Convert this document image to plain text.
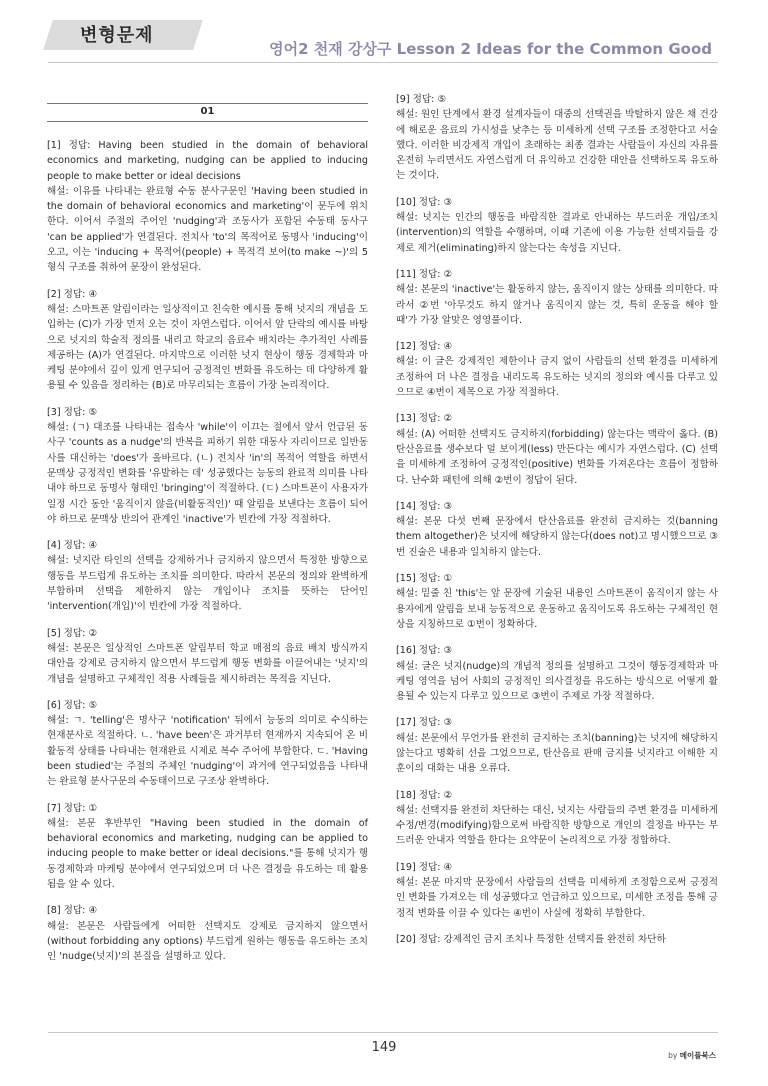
변형문제
영어2 천재 강상구 Lesson 2 Ideas for the Common Good
01

[1] 정답: Having been studied in the domain of behavioral economics and marketing, nudging can be applied to inducing people to make better or ideal decisions

해설: 이유를 나타내는 완료형 수동 분사구문인 'Having been studied in the domain of behavioral economics and marketing'이 문두에 위치한다. 이어서 주절의 주어인 'nudging'과 조동사가 포함된 수동태 동사구 'can be applied'가 연결된다. 전치사 'to'의 목적어로 동명사 'inducing'이 오고, 이는 'inducing + 목적어(people) + 목적격 보어(to make ~)'의 5형식 구조를 취하여 문장이 완성된다.

[2] 정답: ④

해설: 스마트폰 알림이라는 일상적이고 친숙한 예시를 통해 넛지의 개념을 도입하는 (C)가 가장 먼저 오는 것이 자연스럽다. 이어서 앞 단락의 예시를 바탕으로 넛지의 학술적 정의를 내리고 학교의 음료수 배치라는 추가적인 사례를 제공하는 (A)가 연결된다. 마지막으로 이러한 넛지 현상이 행동 경제학과 마케팅 분야에서 깊이 있게 연구되어 긍정적인 변화를 유도하는 데 다양하게 활용될 수 있음을 정리하는 (B)로 마무리되는 흐름이 가장 논리적이다.

[3] 정답: ⑤

해설: (ㄱ) 대조를 나타내는 접속사 'while'이 이끄는 절에서 앞서 언급된 동사구 'counts as a nudge'의 반복을 피하기 위한 대동사 자리이므로 일반동사를 대신하는 'does'가 올바르다. (ㄴ) 전치사 'in'의 목적어 역할을 하면서 문맥상 긍정적인 변화를 '유발하는 데' 성공했다는 능동의 완료적 의미를 나타내야 하므로 동명사 형태인 'bringing'이 적절하다. (ㄷ) 스마트폰이 사용자가 일정 시간 동안 '움직이지 않을(비활동적인)' 때 알림을 보낸다는 흐름이 되어야 하므로 문맥상 반의어 관계인 'inactive'가 빈칸에 가장 적절하다.

[4] 정답: ④

해설: 넛지란 타인의 선택을 강제하거나 금지하지 않으면서 특정한 방향으로 행동을 부드럽게 유도하는 조치를 의미한다. 따라서 본문의 정의와 완벽하게 부합하며 선택을 제한하지 않는 개입이나 조치를 뜻하는 단어인 'intervention(개입)'이 빈칸에 가장 적절하다.

[5] 정답: ②

해설: 본문은 일상적인 스마트폰 알림부터 학교 매점의 음료 배치 방식까지 대안을 강제로 금지하지 않으면서 부드럽게 행동 변화를 이끌어내는 '넛지'의 개념을 설명하고 구체적인 적용 사례들을 제시하려는 목적을 지닌다.

[6] 정답: ⑤

해설: ㄱ. 'telling'은 명사구 'notification' 뒤에서 능동의 의미로 수식하는 현재분사로 적절하다. ㄴ. 'have been'은 과거부터 현재까지 지속되어 온 비활동적 상태를 나타내는 현재완료 시제로 복수 주어에 부합한다. ㄷ. 'Having been studied'는 주절의 주체인 'nudging'이 과거에 연구되었음을 나타내는 완료형 분사구문의 수동태이므로 구조상 완벽하다.

[7] 정답: ①

해설: 본문 후반부인 "Having been studied in the domain of behavioral economics and marketing, nudging can be applied to inducing people to make better or ideal decisions."를 통해 넛지가 행동경제학과 마케팅 분야에서 연구되었으며 더 나은 결정을 유도하는 데 활용됨을 알 수 있다.

[8] 정답: ④

해설: 본문은 사람들에게 어떠한 선택지도 강제로 금지하지 않으면서(without forbidding any options) 부드럽게 원하는 행동을 유도하는 조치인 'nudge(넛지)'의 본질을 설명하고 있다.

[9] 정답: ⑤

해설: 원인 단계에서 환경 설계자들이 대중의 선택권을 박탈하지 않은 채 건강에 해로운 음료의 가시성을 낮추는 등 미세하게 선택 구조를 조정한다고 서술했다. 이러한 비강제적 개입이 초래하는 최종 결과는 사람들이 자신의 자유를 온전히 누리면서도 자연스럽게 더 유익하고 건강한 대안을 선택하도록 유도하는 것이다.

[10] 정답: ③

해설: 넛지는 인간의 행동을 바람직한 결과로 안내하는 부드러운 개입/조치(intervention)의 역할을 수행하며, 이때 기존에 이용 가능한 선택지들을 강제로 제거(eliminating)하지 않는다는 속성을 지닌다.

[11] 정답: ②

해설: 본문의 'inactive'는 활동하지 않는, 움직이지 않는 상태를 의미한다. 따라서 ②번 '아무것도 하지 않거나 움직이지 않는 것, 특히 운동을 해야 할 때'가 가장 알맞은 영영풀이다.

[12] 정답: ④

해설: 이 글은 강제적인 제한이나 금지 없이 사람들의 선택 환경을 미세하게 조정하여 더 나은 결정을 내리도록 유도하는 넛지의 정의와 예시를 다루고 있으므로 ④번이 제목으로 가장 적절하다.

[13] 정답: ②

해설: (A) 어떠한 선택지도 금지하지(forbidding) 않는다는 맥락이 옳다. (B) 탄산음료를 생수보다 덜 보이게(less) 만든다는 예시가 자연스럽다. (C) 선택을 미세하게 조정하여 긍정적인(positive) 변화를 가져온다는 흐름이 정합하다. 난수화 패턴에 의해 ②번이 정답이 된다.

[14] 정답: ③

해설: 본문 다섯 번째 문장에서 탄산음료를 완전히 금지하는 것(banning them altogether)은 넛지에 해당하지 않는다(does not)고 명시했으므로 ③번 진술은 내용과 일치하지 않는다.

[15] 정답: ①

해설: 밑줄 친 'this'는 앞 문장에 기술된 내용인 스마트폰이 움직이지 않는 사용자에게 알림을 보내 능동적으로 운동하고 움직이도록 유도하는 구체적인 현상을 지칭하므로 ①번이 정확하다.

[16] 정답: ③

해설: 글은 넛지(nudge)의 개념적 정의를 설명하고 그것이 행동경제학과 마케팅 영역을 넘어 사회의 긍정적인 의사결정을 유도하는 방식으로 어떻게 활용될 수 있는지 다루고 있으므로 ③번이 주제로 가장 적절하다.

[17] 정답: ③

해설: 본문에서 무언가를 완전히 금지하는 조치(banning)는 넛지에 해당하지 않는다고 명확히 선을 그었으므로, 탄산음료 판매 금지를 넛지라고 이해한 지훈이의 대화는 내용 오류다.

[18] 정답: ②

해설: 선택지를 완전히 차단하는 대신, 넛지는 사람들의 주변 환경을 미세하게 수정/변경(modifying)함으로써 바람직한 방향으로 개인의 결정을 바꾸는 부드러운 안내자 역할을 한다는 요약문이 논리적으로 가장 정합하다.

[19] 정답: ④

해설: 본문 마지막 문장에서 사람들의 선택을 미세하게 조정함으로써 긍정적인 변화를 가져오는 데 성공했다고 언급하고 있으므로, 미세한 조정을 통해 긍정적 변화를 이끌 수 있다는 ④번이 사실에 정확히 부합한다.

[20] 정답: 강제적인 금지 조치나 특정한 선택지를 완전히 차단하

149
by 메이플북스
